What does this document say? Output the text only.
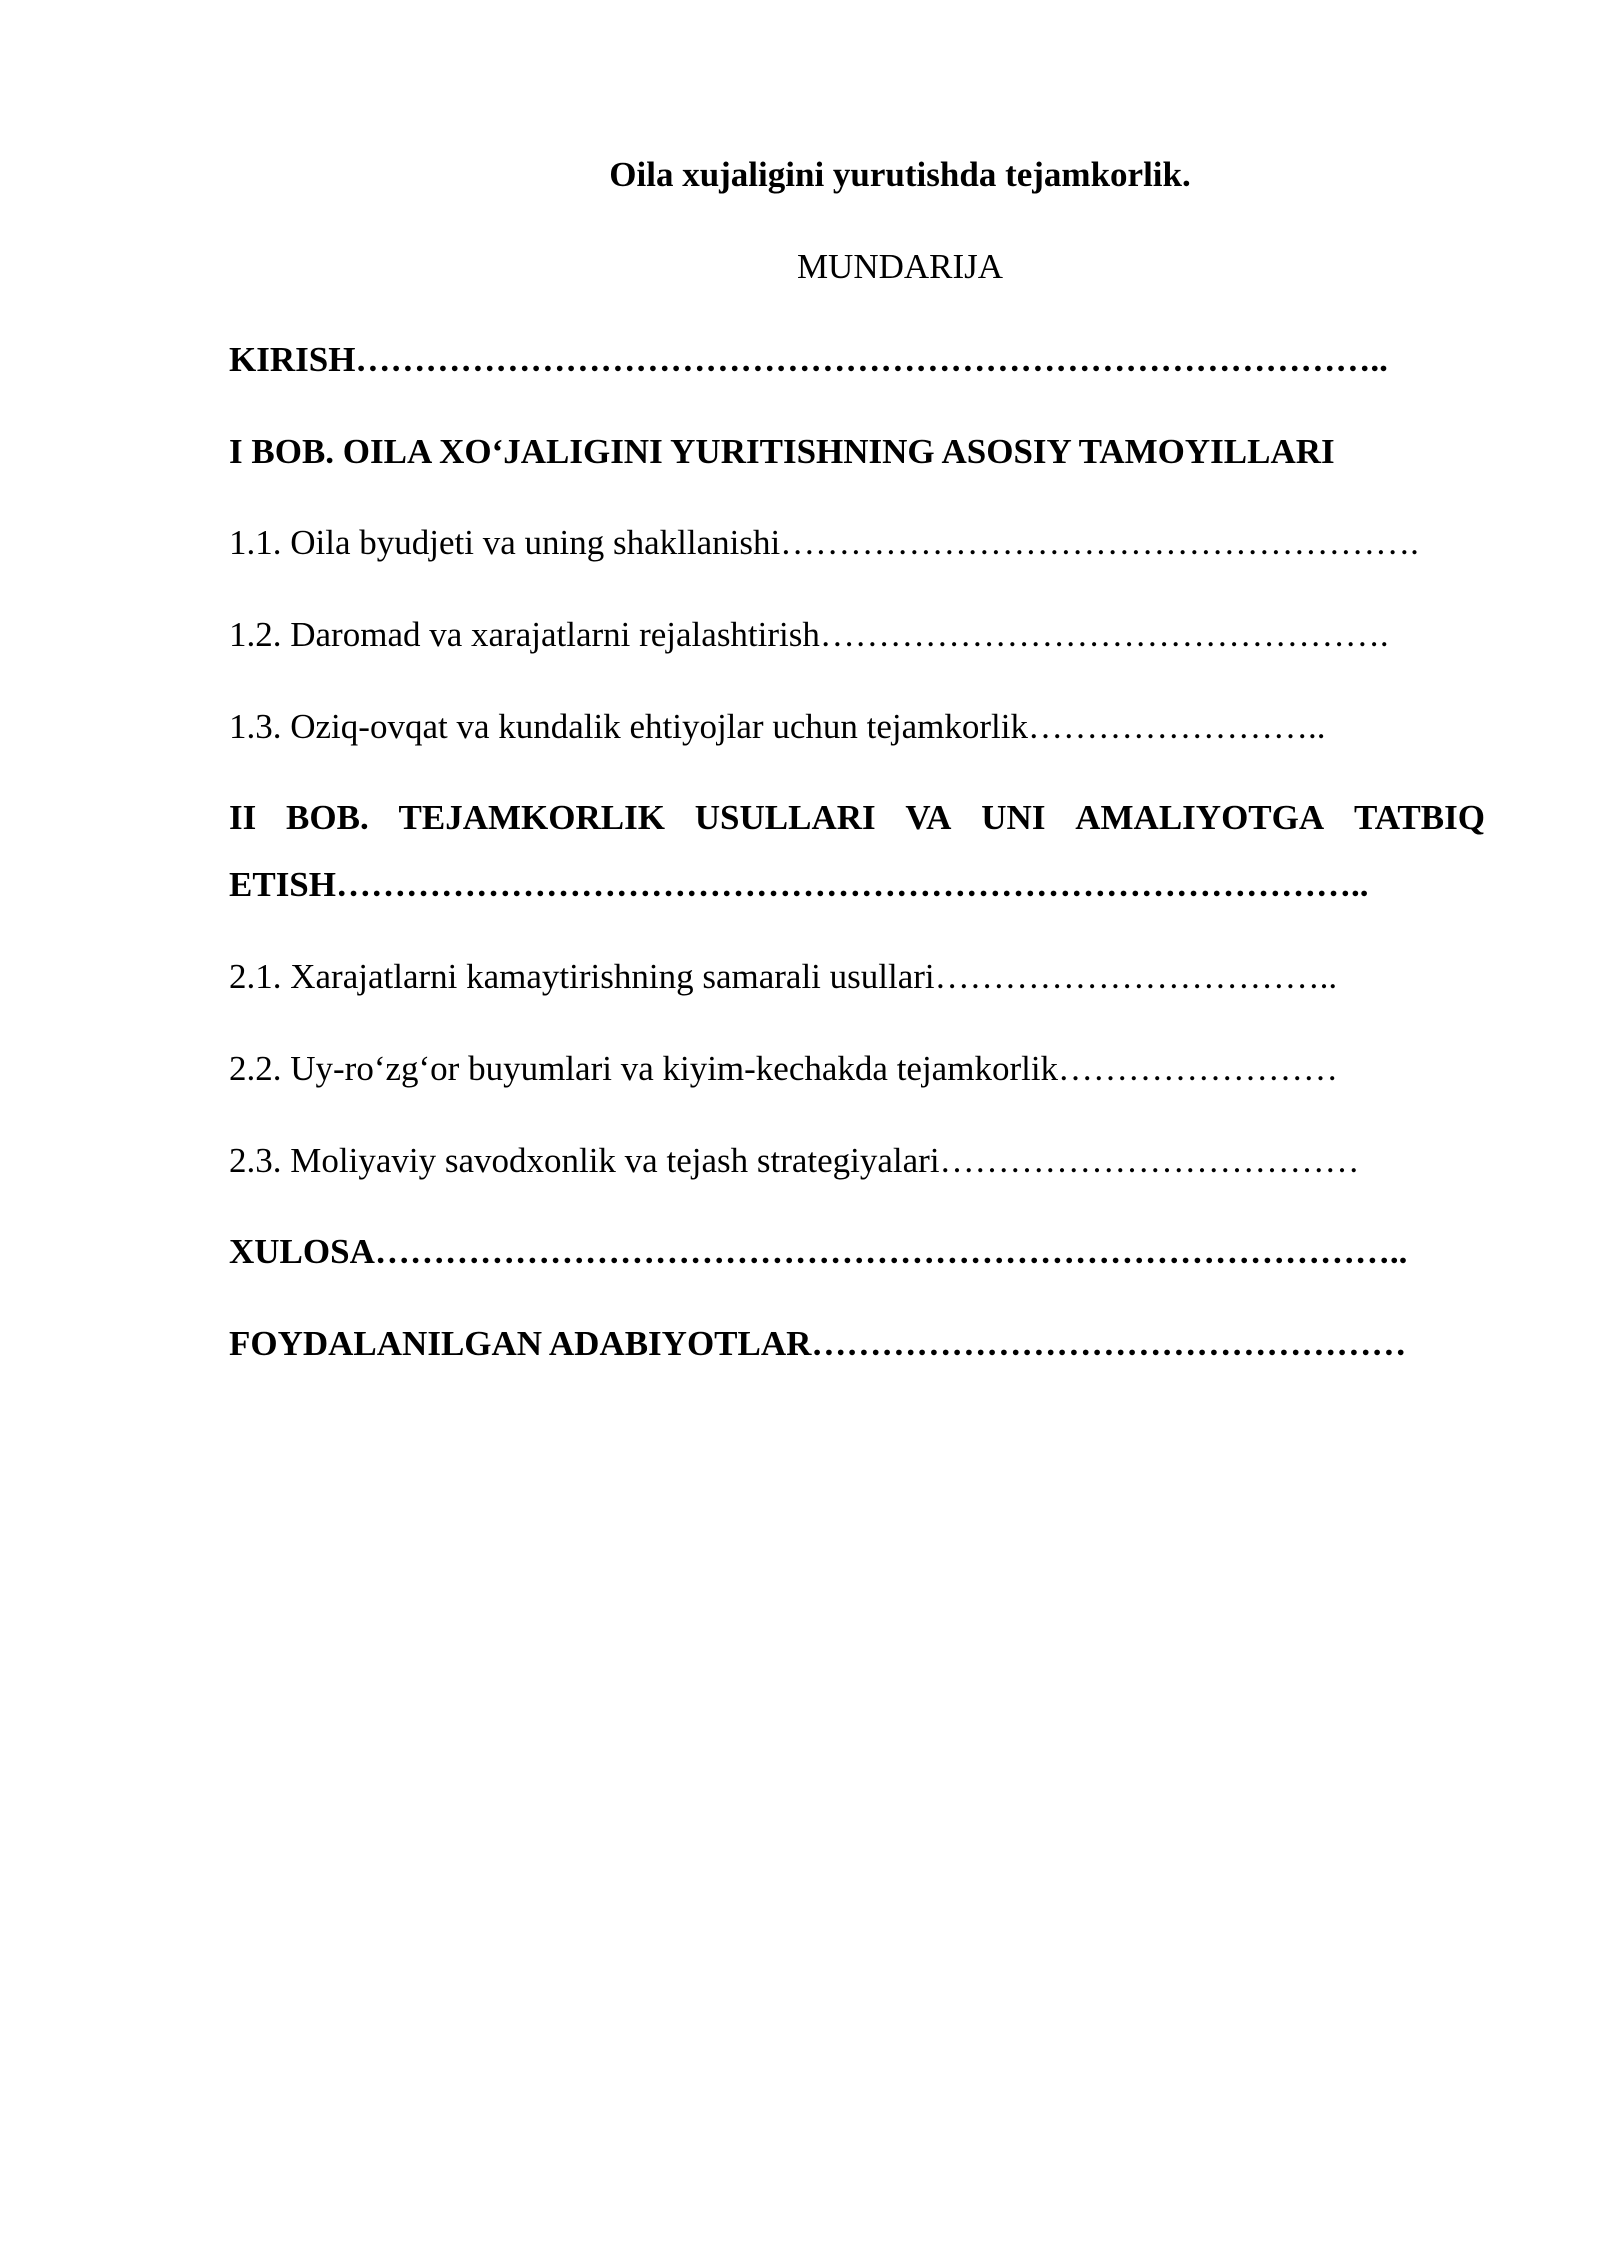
Oila xujaligini yurutishda tejamkorlik.
MUNDARIJA
KIRISH……………………………………………………………………………..
I BOB. OILA XO‘JALIGINI YURITISHNING ASOSIY TAMOYILLARI
1.1. Oila byudjeti va uning shakllanishi……………………………………………….
1.2. Daromad va xarajatlarni rejalashtirish………………………………………….
1.3. Oziq-ovqat va kundalik ehtiyojlar uchun tejamkorlik……………………..
II BOB. TEJAMKORLIK USULLARI VA UNI AMALIYOTGA TATBIQ
ETISH……………………………………………………………………………..
2.1. Xarajatlarni kamaytirishning samarali usullari……………………………..
2.2. Uy-ro‘zg‘or buyumlari va kiyim-kechakda tejamkorlik……………………
2.3. Moliyaviy savodxonlik va tejash strategiyalari………………………………
XULOSA……………………………………………………………………………..
FOYDALANILGAN ADABIYOTLAR……………………………………………
